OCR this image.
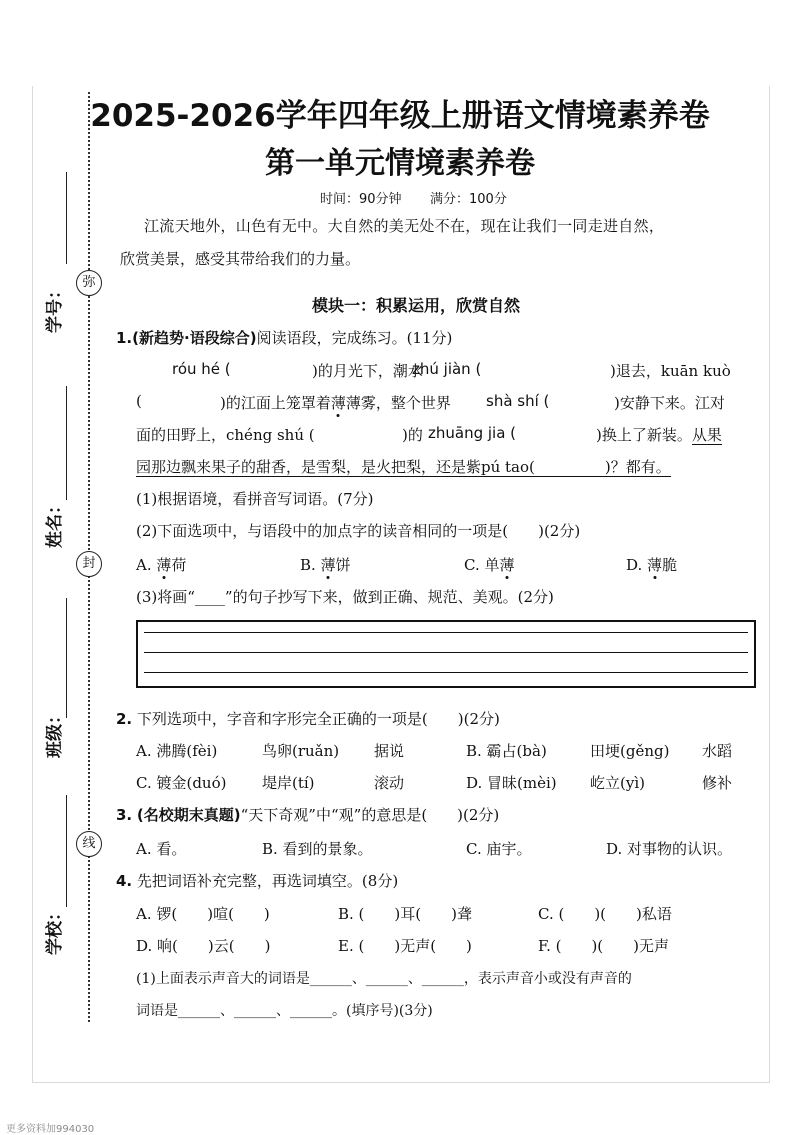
学号：	弥
姓名：
封
班级：
线
学校：
2025-2026学年四年级上册语文情境素养卷
第一单元情境素养卷
时间：90分钟 满分：100分
江流天地外，山色有无中。大自然的美无处不在，现在让我们一同走进自然，
欣赏美景，感受其带给我们的力量。
模块一：积累运用，欣赏自然
1.(新趋势·语段综合)阅读语段，完成练习。(11分)
róu hé (	)的月光下，潮水
zhú jiàn (	)退去，kuān kuò
(	)的江面上笼罩着薄薄雾，整个世界 shà shí (	)安静下来。江对
面的田野上，chéng shú (	)的 zhuāng jia (	)换上了新装。从果
园那边飘来果子的甜香，是雪梨，是火把梨，还是紫pú tao(	)？都有。
(1)根据语境，看拼音写词语。(7分)
(2)下面选项中，与语段中的加点字的读音相同的一项是(　　)(2分)
A. 薄荷	B. 薄饼	C. 单薄	D. 薄脆
(3)将画“____”的句子抄写下来，做到正确、规范、美观。(2分)
2. 下列选项中，字音和字形完全正确的一项是(　　)(2分)
A. 沸腾(fèi)	鸟卵(ruǎn) 据说	B. 霸占(bà)	田埂(gěng) 水蹈
C. 镀金(duó) 堤岸(tí)	滚动	D. 冒昧(mèi) 屹立(yì)	修补
3. (名校期末真题)“天下奇观”中“观”的意思是(　　)(2分)
A. 看。	B. 看到的景象。	C. 庙宇。	D. 对事物的认识。
4. 先把词语补充完整，再选词填空。(8分)
A. 锣(　　)喧(　　)	B. (　　)耳(　　)聋	C. (　　)(　　)私语
D. 响(　　)云(　　)	E. (　　)无声(　　)	F. (　　)(　　)无声
(1)上面表示声音大的词语是______、______、______，表示声音小或没有声音的
词语是______、______、______。(填序号)(3分)
更多资料加994030
